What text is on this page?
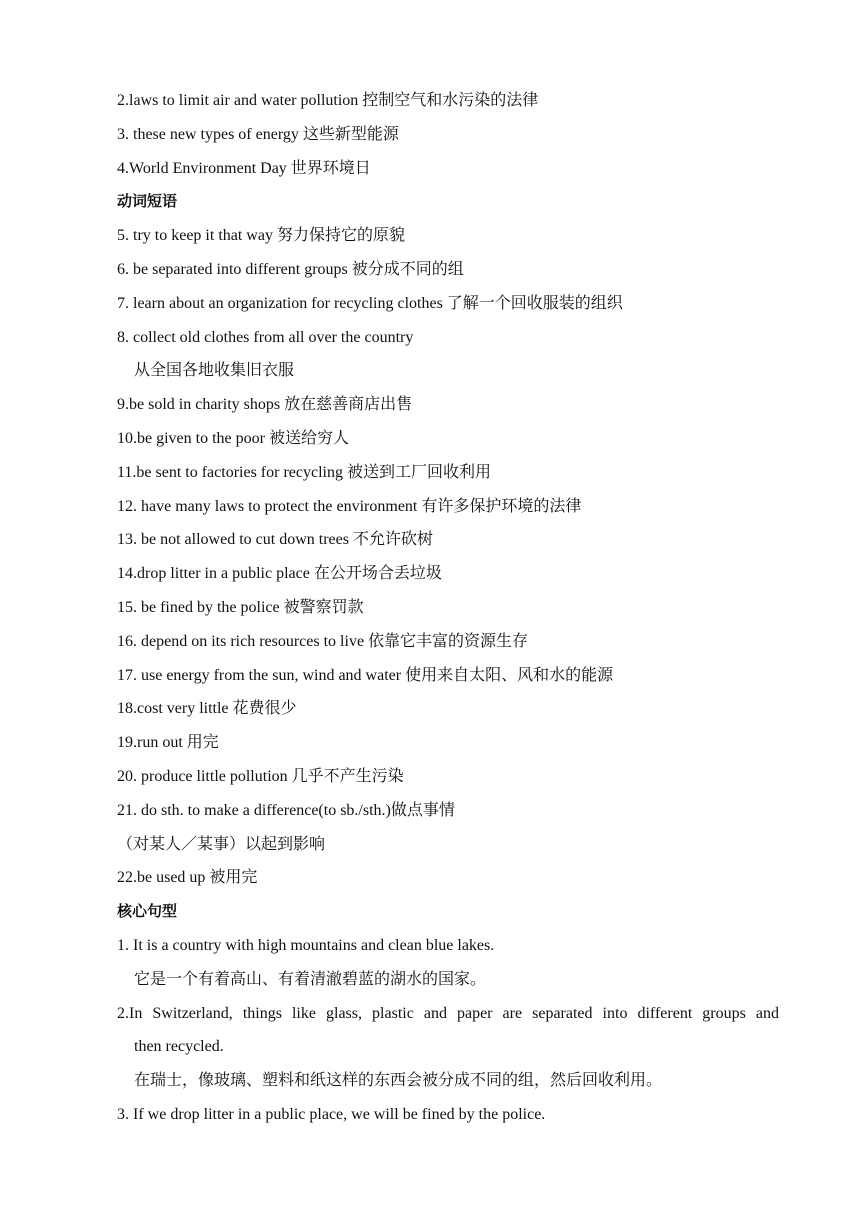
2.laws to limit air and water pollution 控制空气和水污染的法律
3. these new types of energy 这些新型能源
4.World Environment Day 世界环境日
动词短语
5. try to keep it that way 努力保持它的原貌
6. be separated into different groups 被分成不同的组
7. learn about an organization for recycling clothes 了解一个回收服装的组织
8. collect old clothes from all over the country
从全国各地收集旧衣服
9.be sold in charity shops 放在慈善商店出售
10.be given to the poor 被送给穷人
11.be sent to factories for recycling 被送到工厂回收利用
12. have many laws to protect the environment 有许多保护环境的法律
13. be not allowed to cut down trees 不允许砍树
14.drop litter in a public place 在公开场合丢垃圾
15. be fined by the police 被警察罚款
16. depend on its rich resources to live 依靠它丰富的资源生存
17. use energy from the sun, wind and water 使用来自太阳、风和水的能源
18.cost very little 花费很少
19.run out 用完
20. produce little pollution 几乎不产生污染
21. do sth. to make a difference(to sb./sth.)做点事情
（对某人／某事）以起到影响
22.be used up 被用完
核心句型
1. It is a country with high mountains and clean blue lakes.
它是一个有着高山、有着清澈碧蓝的湖水的国家。
2.In Switzerland, things like glass, plastic and paper are separated into different groups and
then recycled.
在瑞士，像玻璃、塑料和纸这样的东西会被分成不同的组，然后回收利用。
3. If we drop litter in a public place, we will be fined by the police.
